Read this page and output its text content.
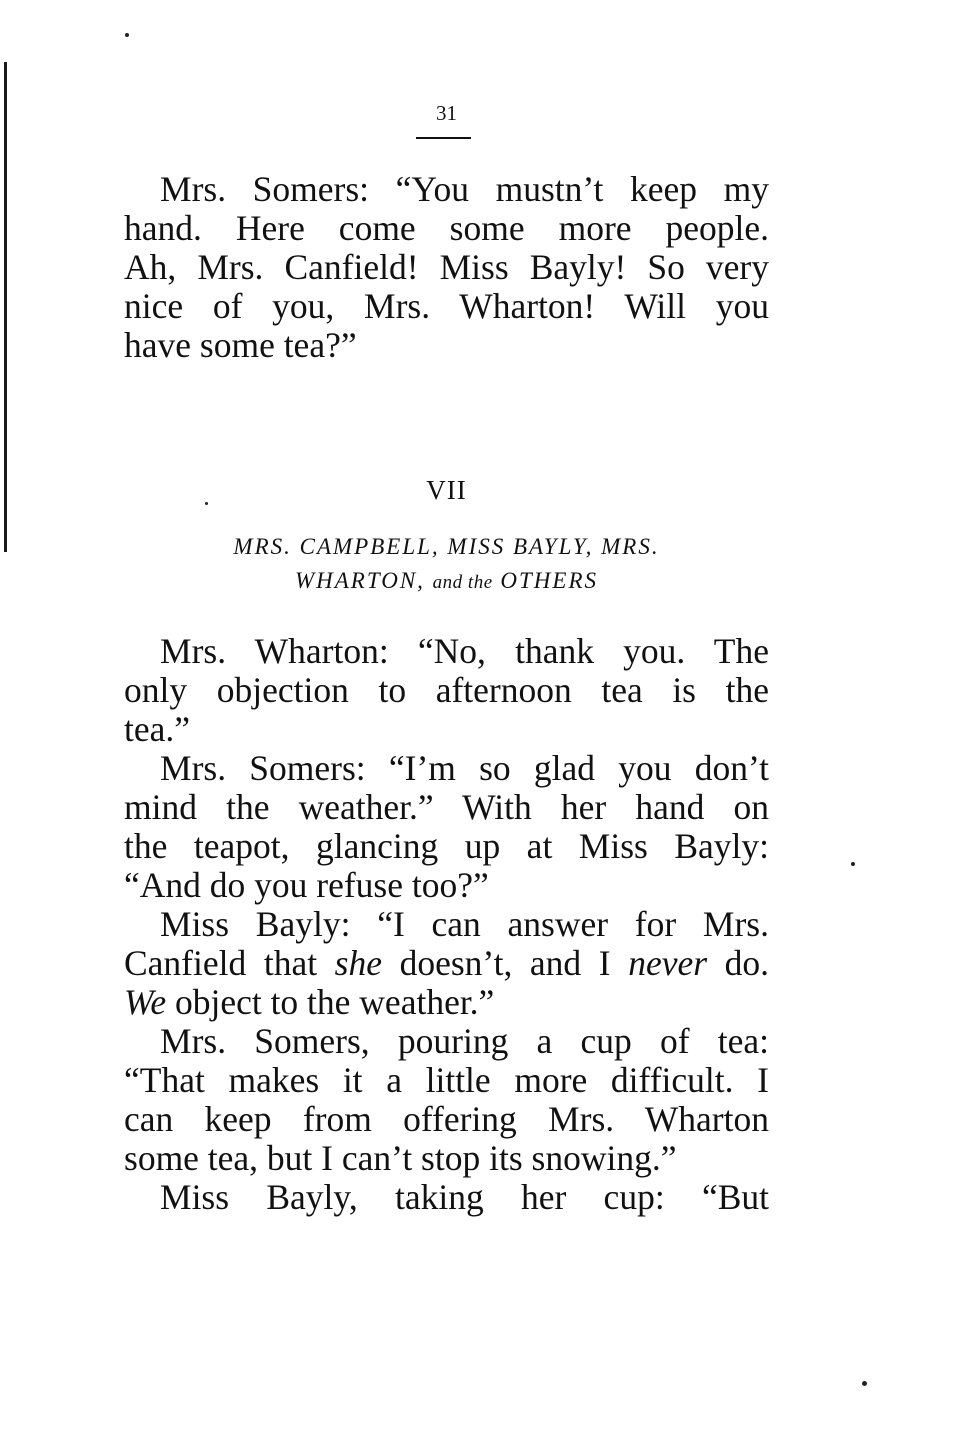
31
Mrs. Somers: “You mustn’t keep my
hand. Here come some more people.
Ah, Mrs. Canfield! Miss Bayly! So very
nice of you, Mrs. Wharton! Will you
have some tea?”
VII
MRS. CAMPBELL, MISS BAYLY, MRS.
WHARTON, and the OTHERS
Mrs. Wharton: “No, thank you. The
only objection to afternoon tea is the
tea.”
Mrs. Somers: “I’m so glad you don’t
mind the weather.” With her hand on
the teapot, glancing up at Miss Bayly:
“And do you refuse too?”
Miss Bayly: “I can answer for Mrs.
Canfield that she doesn’t, and I never do.
We object to the weather.”
Mrs. Somers, pouring a cup of tea:
“That makes it a little more difficult. I
can keep from offering Mrs. Wharton
some tea, but I can’t stop its snowing.”
Miss Bayly, taking her cup: “But
